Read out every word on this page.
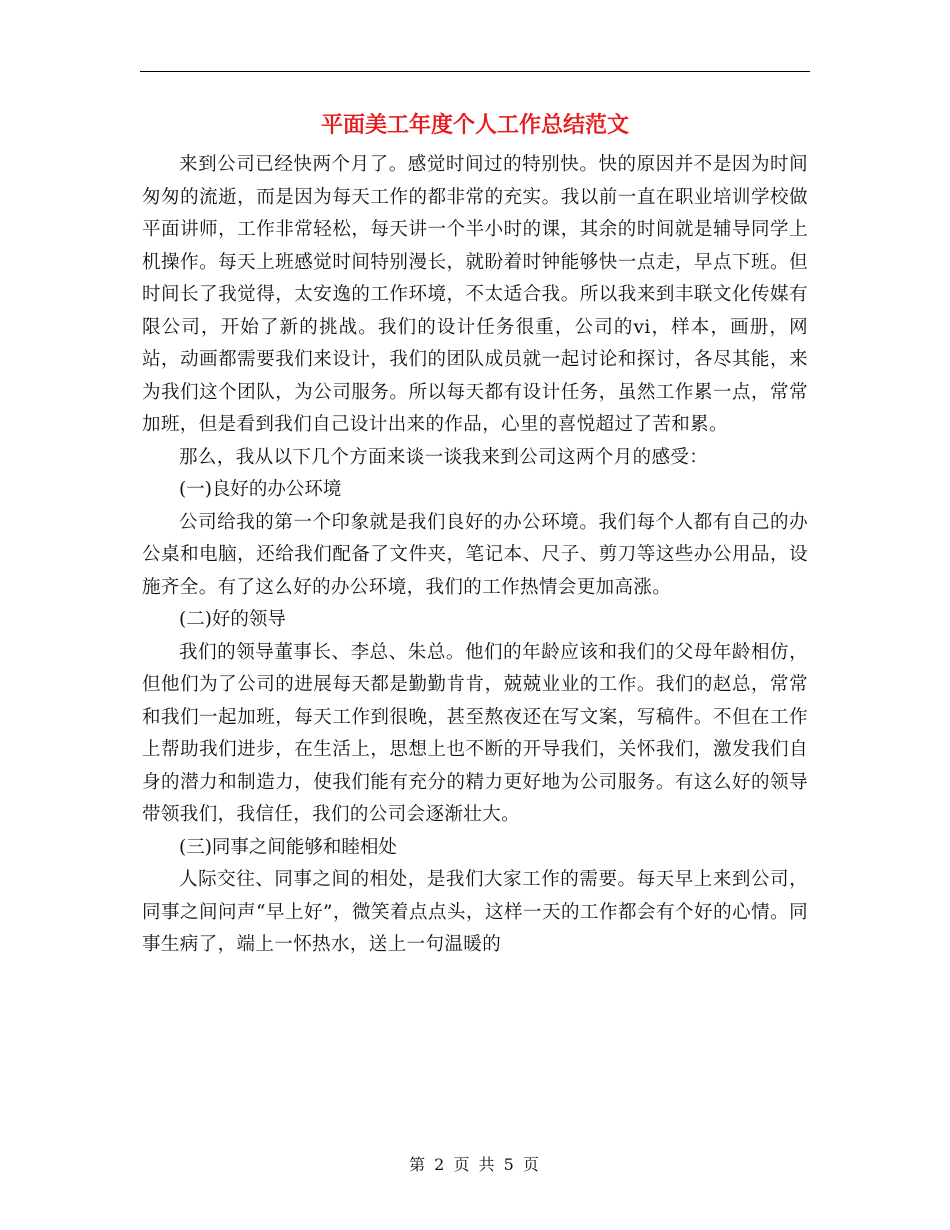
平面美工年度个人工作总结范文

来到公司已经快两个月了。感觉时间过的特别快。快的原因并不是因为时间匆匆的流逝，而是因为每天工作的都非常的充实。我以前一直在职业培训学校做平面讲师，工作非常轻松，每天讲一个半小时的课，其余的时间就是辅导同学上机操作。每天上班感觉时间特别漫长，就盼着时钟能够快一点走，早点下班。但时间长了我觉得，太安逸的工作环境，不太适合我。所以我来到丰联文化传媒有限公司，开始了新的挑战。我们的设计任务很重，公司的vi，样本，画册，网站，动画都需要我们来设计，我们的团队成员就一起讨论和探讨，各尽其能，来为我们这个团队，为公司服务。所以每天都有设计任务，虽然工作累一点，常常加班，但是看到我们自己设计出来的作品，心里的喜悦超过了苦和累。

那么，我从以下几个方面来谈一谈我来到公司这两个月的感受：

(一)良好的办公环境

公司给我的第一个印象就是我们良好的办公环境。我们每个人都有自己的办公桌和电脑，还给我们配备了文件夹，笔记本、尺子、剪刀等这些办公用品，设施齐全。有了这么好的办公环境，我们的工作热情会更加高涨。

(二)好的领导

我们的领导董事长、李总、朱总。他们的年龄应该和我们的父母年龄相仿，但他们为了公司的进展每天都是勤勤肯肯，兢兢业业的工作。我们的赵总，常常和我们一起加班，每天工作到很晚，甚至熬夜还在写文案，写稿件。不但在工作上帮助我们进步，在生活上，思想上也不断的开导我们，关怀我们，激发我们自身的潜力和制造力，使我们能有充分的精力更好地为公司服务。有这么好的领导带领我们，我信任，我们的公司会逐渐壮大。

(三)同事之间能够和睦相处

人际交往、同事之间的相处，是我们大家工作的需要。每天早上来到公司，同事之间问声“早上好”，微笑着点点头，这样一天的工作都会有个好的心情。同事生病了，端上一怀热水，送上一句温暖的

第 2 页 共 5 页
